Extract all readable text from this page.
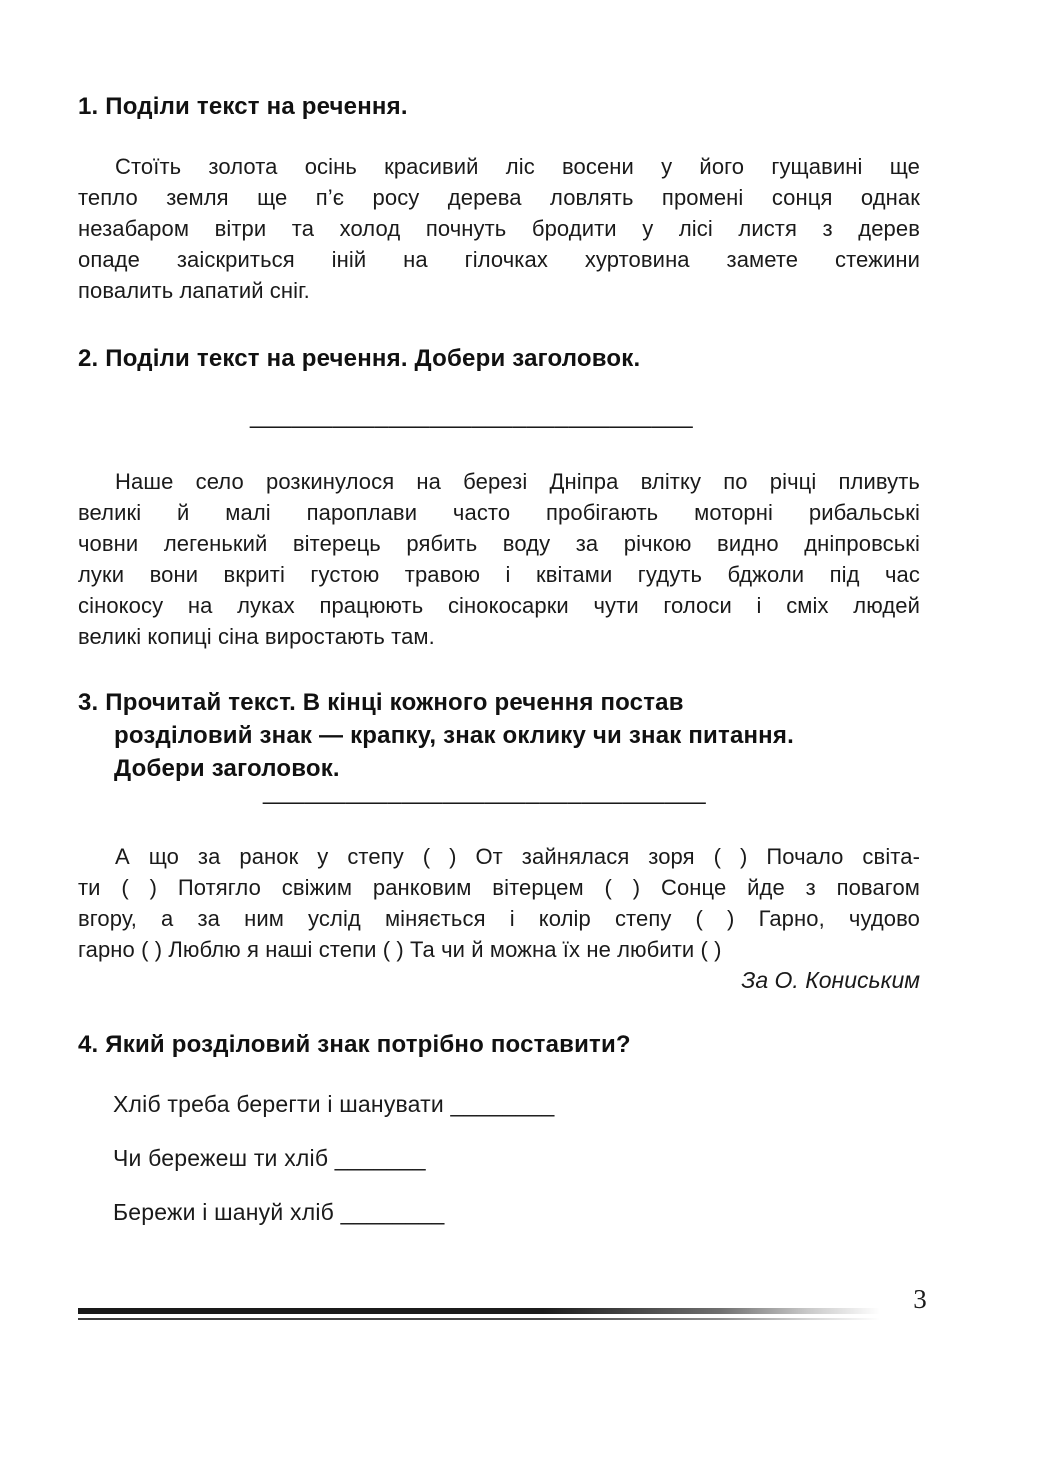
1. Поділи текст на речення.
Стоїть золота осінь красивий ліс восени у його гущавині ще
тепло земля ще п’є росу дерева ловлять промені сонця однак
незабаром вітри та холод почнуть бродити у лісі листя з дерев
опаде заіскриться іній на гілочках хуртовина замете стежини
повалить лапатий сніг.
2. Поділи текст на речення. Добери заголовок.
________________________________
Наше село розкинулося на березі Дніпра влітку по річці пливуть
великі й малі пароплави часто пробігають моторні рибальські
човни легенький вітерець рябить воду за річкою видно дніпровські
луки вони вкриті густою травою і квітами гудуть бджоли під час
сінокосу на луках працюють сінокосарки чути голоси і сміх людей
великі копиці сіна виростають там.
3. Прочитай текст. В кінці кожного речення постав
розділовий знак — крапку, знак оклику чи знак питання.
Добери заголовок.
________________________________
А що за ранок у степу ( ) От зайнялася зоря ( ) Почало світа-
ти ( ) Потягло свіжим ранковим вітерцем ( ) Сонце йде з повагом
вгору, а за ним услід міняється і колір степу ( ) Гарно, чудово
гарно ( ) Люблю я наші степи ( ) Та чи й можна їх не любити ( )
За О. Кониським
4. Який розділовий знак потрібно поставити?
Хліб треба берегти і шанувати ________
Чи бережеш ти хліб _______
Бережи і шануй хліб ________
3
